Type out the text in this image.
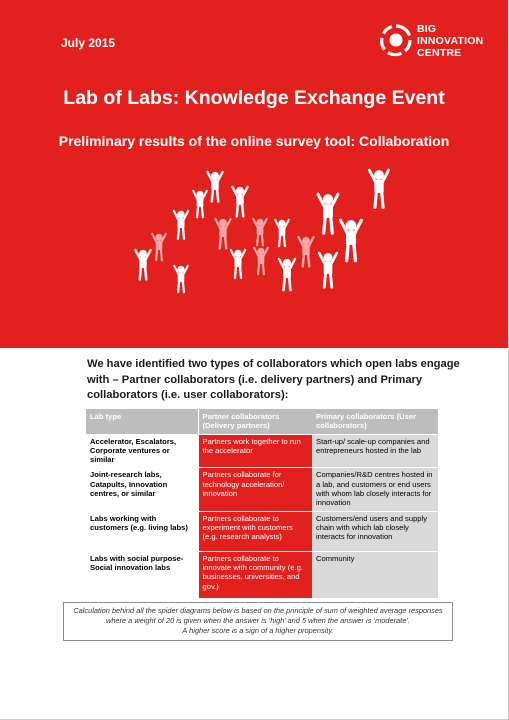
July 2015
BIG
INNOVATION
CENTRE
Lab of Labs: Knowledge Exchange Event
Preliminary results of the online survey tool: Collaboration
We have identified two types of collaborators which open labs engage with – Partner collaborators (i.e. delivery partners) and Primary collaborators (i.e. user collaborators):
Lab type	Partner collaborators (Delivery partners)	Primary collaborators (User collaborators)
Accelerator, Escalators, Corporate ventures or similar	Partners work together to run the accelerator	Start-up/ scale-up companies and entrepreneurs hosted in the lab
Joint-research labs, Catapults, Innovation centres, or similar	Partners collaborate for technology acceleration/ innovation	Companies/R&D centres hosted in a lab, and customers or end users with whom lab closely interacts for innovation
Labs working with customers (e.g. living labs)	Partners collaborate to experiment with customers (e.g. research analysts)	Customers/end users and supply chain with which lab closely interacts for innovation
Labs with social purpose- Social innovation labs	Partners collaborate to innovate with community (e.g. businesses, universities, and gov.)	Community
Calculation behind all the spider diagrams below is based on the principle of sum of weighted average responses where a weight of 20 is given when the answer is ‘high’ and 5 when the answer is ‘moderate’.
A higher score is a sign of a higher propensity.
